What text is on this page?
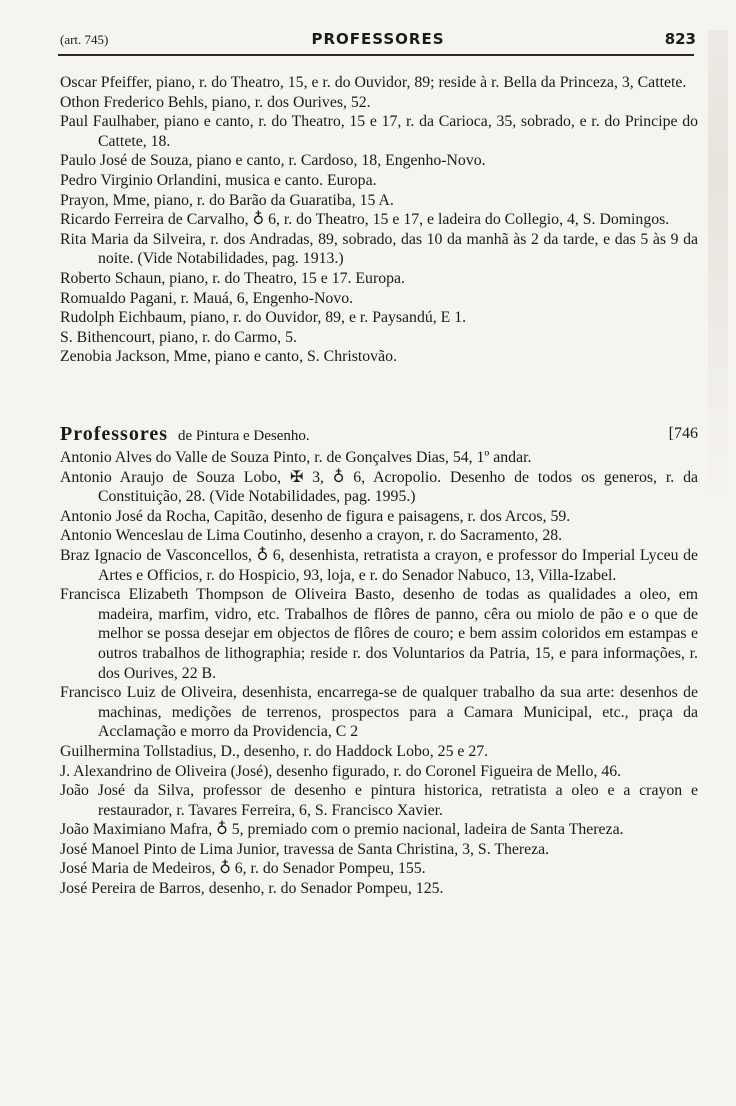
(art. 745)	PROFESSORES	823
Oscar Pfeiffer, piano, r. do Theatro, 15, e r. do Ouvidor, 89; reside à r. Bella da Princeza, 3, Cattete.
Othon Frederico Behls, piano, r. dos Ourives, 52.
Paul Faulhaber, piano e canto, r. do Theatro, 15 e 17, r. da Carioca, 35, sobrado, e r. do Principe do Cattete, 18.
Paulo José de Souza, piano e canto, r. Cardoso, 18, Engenho-Novo.
Pedro Virginio Orlandini, musica e canto. Europa.
Prayon, Mme, piano, r. do Barão da Guaratiba, 15 A.
Ricardo Ferreira de Carvalho, ♁ 6, r. do Theatro, 15 e 17, e ladeira do Collegio, 4, S. Domingos.
Rita Maria da Silveira, r. dos Andradas, 89, sobrado, das 10 da manhã às 2 da tarde, e das 5 às 9 da noite. (Vide Notabilidades, pag. 1913.)
Roberto Schaun, piano, r. do Theatro, 15 e 17. Europa.
Romualdo Pagani, r. Mauá, 6, Engenho-Novo.
Rudolph Eichbaum, piano, r. do Ouvidor, 89, e r. Paysandú, E 1.
S. Bithencourt, piano, r. do Carmo, 5.
Zenobia Jackson, Mme, piano e canto, S. Christovão.
Professores de Pintura e Desenho.	[746
Antonio Alves do Valle de Souza Pinto, r. de Gonçalves Dias, 54, 1º andar.
Antonio Araujo de Souza Lobo, ✠ 3, ♁ 6, Acropolio. Desenho de todos os generos, r. da Constituição, 28. (Vide Notabilidades, pag. 1995.)
Antonio José da Rocha, Capitão, desenho de figura e paisagens, r. dos Arcos, 59.
Antonio Wenceslau de Lima Coutinho, desenho a crayon, r. do Sacramento, 28.
Braz Ignacio de Vasconcellos, ♁ 6, desenhista, retratista a crayon, e professor do Imperial Lyceu de Artes e Officios, r. do Hospicio, 93, loja, e r. do Senador Nabuco, 13, Villa-Izabel.
Francisca Elizabeth Thompson de Oliveira Basto, desenho de todas as qualidades a oleo, em madeira, marfim, vidro, etc. Trabalhos de flôres de panno, cêra ou miolo de pão e o que de melhor se possa desejar em objectos de flôres de couro; e bem assim coloridos em estampas e outros trabalhos de lithographia; reside r. dos Voluntarios da Patria, 15, e para informações, r. dos Ourives, 22 B.
Francisco Luiz de Oliveira, desenhista, encarrega-se de qualquer trabalho da sua arte: desenhos de machinas, medições de terrenos, prospectos para a Camara Municipal, etc., praça da Acclamação e morro da Providencia, C 2
Guilhermina Tollstadius, D., desenho, r. do Haddock Lobo, 25 e 27.
J. Alexandrino de Oliveira (José), desenho figurado, r. do Coronel Figueira de Mello, 46.
João José da Silva, professor de desenho e pintura historica, retratista a oleo e a crayon e restaurador, r. Tavares Ferreira, 6, S. Francisco Xavier.
João Maximiano Mafra, ♁ 5, premiado com o premio nacional, ladeira de Santa Thereza.
José Manoel Pinto de Lima Junior, travessa de Santa Christina, 3, S. Thereza.
José Maria de Medeiros, ♁ 6, r. do Senador Pompeu, 155.
José Pereira de Barros, desenho, r. do Senador Pompeu, 125.
